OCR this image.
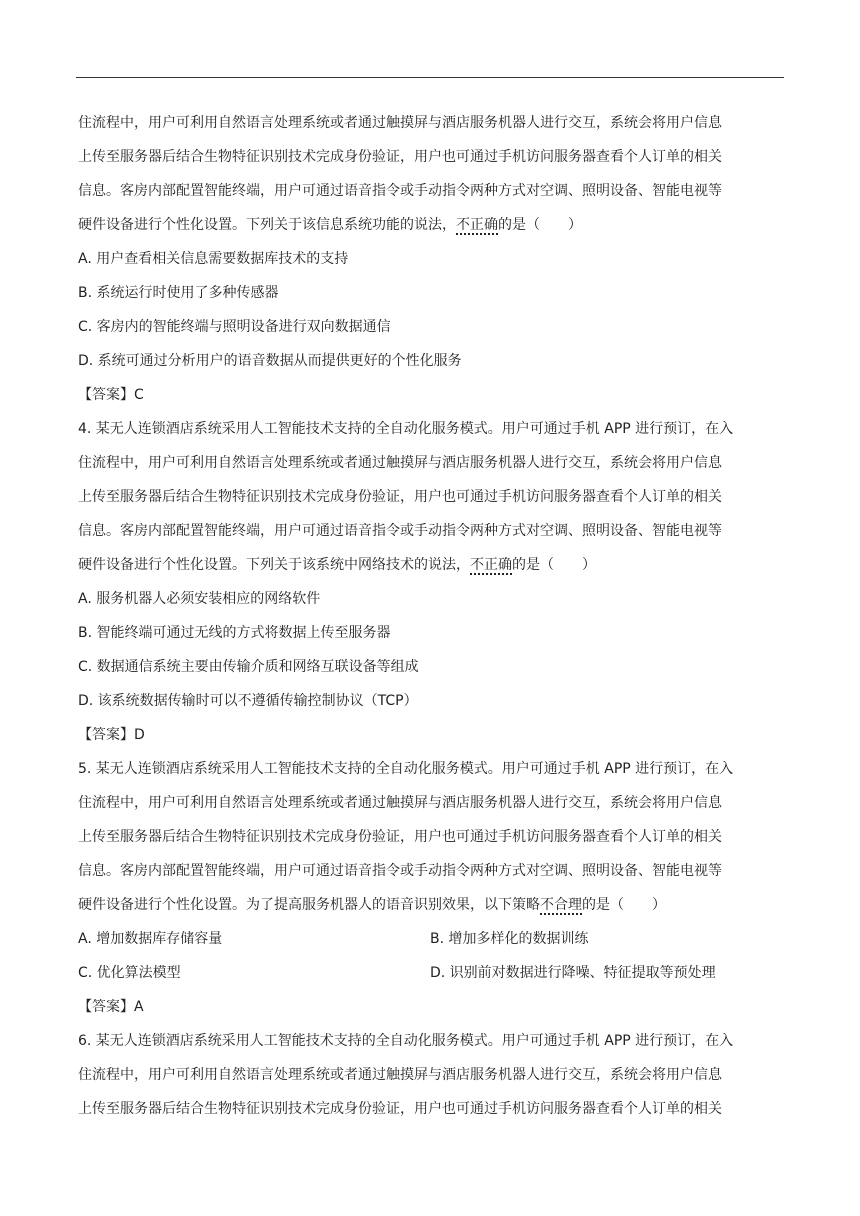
住流程中，用户可利用自然语言处理系统或者通过触摸屏与酒店服务机器人进行交互，系统会将用户信息
上传至服务器后结合生物特征识别技术完成身份验证，用户也可通过手机访问服务器查看个人订单的相关
信息。客房内部配置智能终端，用户可通过语音指令或手动指令两种方式对空调、照明设备、智能电视等
硬件设备进行个性化设置。下列关于该信息系统功能的说法，不正确的是（　　）
A. 用户查看相关信息需要数据库技术的支持
B. 系统运行时使用了多种传感器
C. 客房内的智能终端与照明设备进行双向数据通信
D. 系统可通过分析用户的语音数据从而提供更好的个性化服务
【答案】C
4. 某无人连锁酒店系统采用人工智能技术支持的全自动化服务模式。用户可通过手机 APP 进行预订，在入
住流程中，用户可利用自然语言处理系统或者通过触摸屏与酒店服务机器人进行交互，系统会将用户信息
上传至服务器后结合生物特征识别技术完成身份验证，用户也可通过手机访问服务器查看个人订单的相关
信息。客房内部配置智能终端，用户可通过语音指令或手动指令两种方式对空调、照明设备、智能电视等
硬件设备进行个性化设置。下列关于该系统中网络技术的说法，不正确的是（　　）
A. 服务机器人必须安装相应的网络软件
B. 智能终端可通过无线的方式将数据上传至服务器
C. 数据通信系统主要由传输介质和网络互联设备等组成
D. 该系统数据传输时可以不遵循传输控制协议（TCP）
【答案】D
5. 某无人连锁酒店系统采用人工智能技术支持的全自动化服务模式。用户可通过手机 APP 进行预订，在入
住流程中，用户可利用自然语言处理系统或者通过触摸屏与酒店服务机器人进行交互，系统会将用户信息
上传至服务器后结合生物特征识别技术完成身份验证，用户也可通过手机访问服务器查看个人订单的相关
信息。客房内部配置智能终端，用户可通过语音指令或手动指令两种方式对空调、照明设备、智能电视等
硬件设备进行个性化设置。为了提高服务机器人的语音识别效果，以下策略不合理的是（　　）
A. 增加数据库存储容量	B. 增加多样化的数据训练
C. 优化算法模型	D. 识别前对数据进行降噪、特征提取等预处理
【答案】A
6. 某无人连锁酒店系统采用人工智能技术支持的全自动化服务模式。用户可通过手机 APP 进行预订，在入
住流程中，用户可利用自然语言处理系统或者通过触摸屏与酒店服务机器人进行交互，系统会将用户信息
上传至服务器后结合生物特征识别技术完成身份验证，用户也可通过手机访问服务器查看个人订单的相关
